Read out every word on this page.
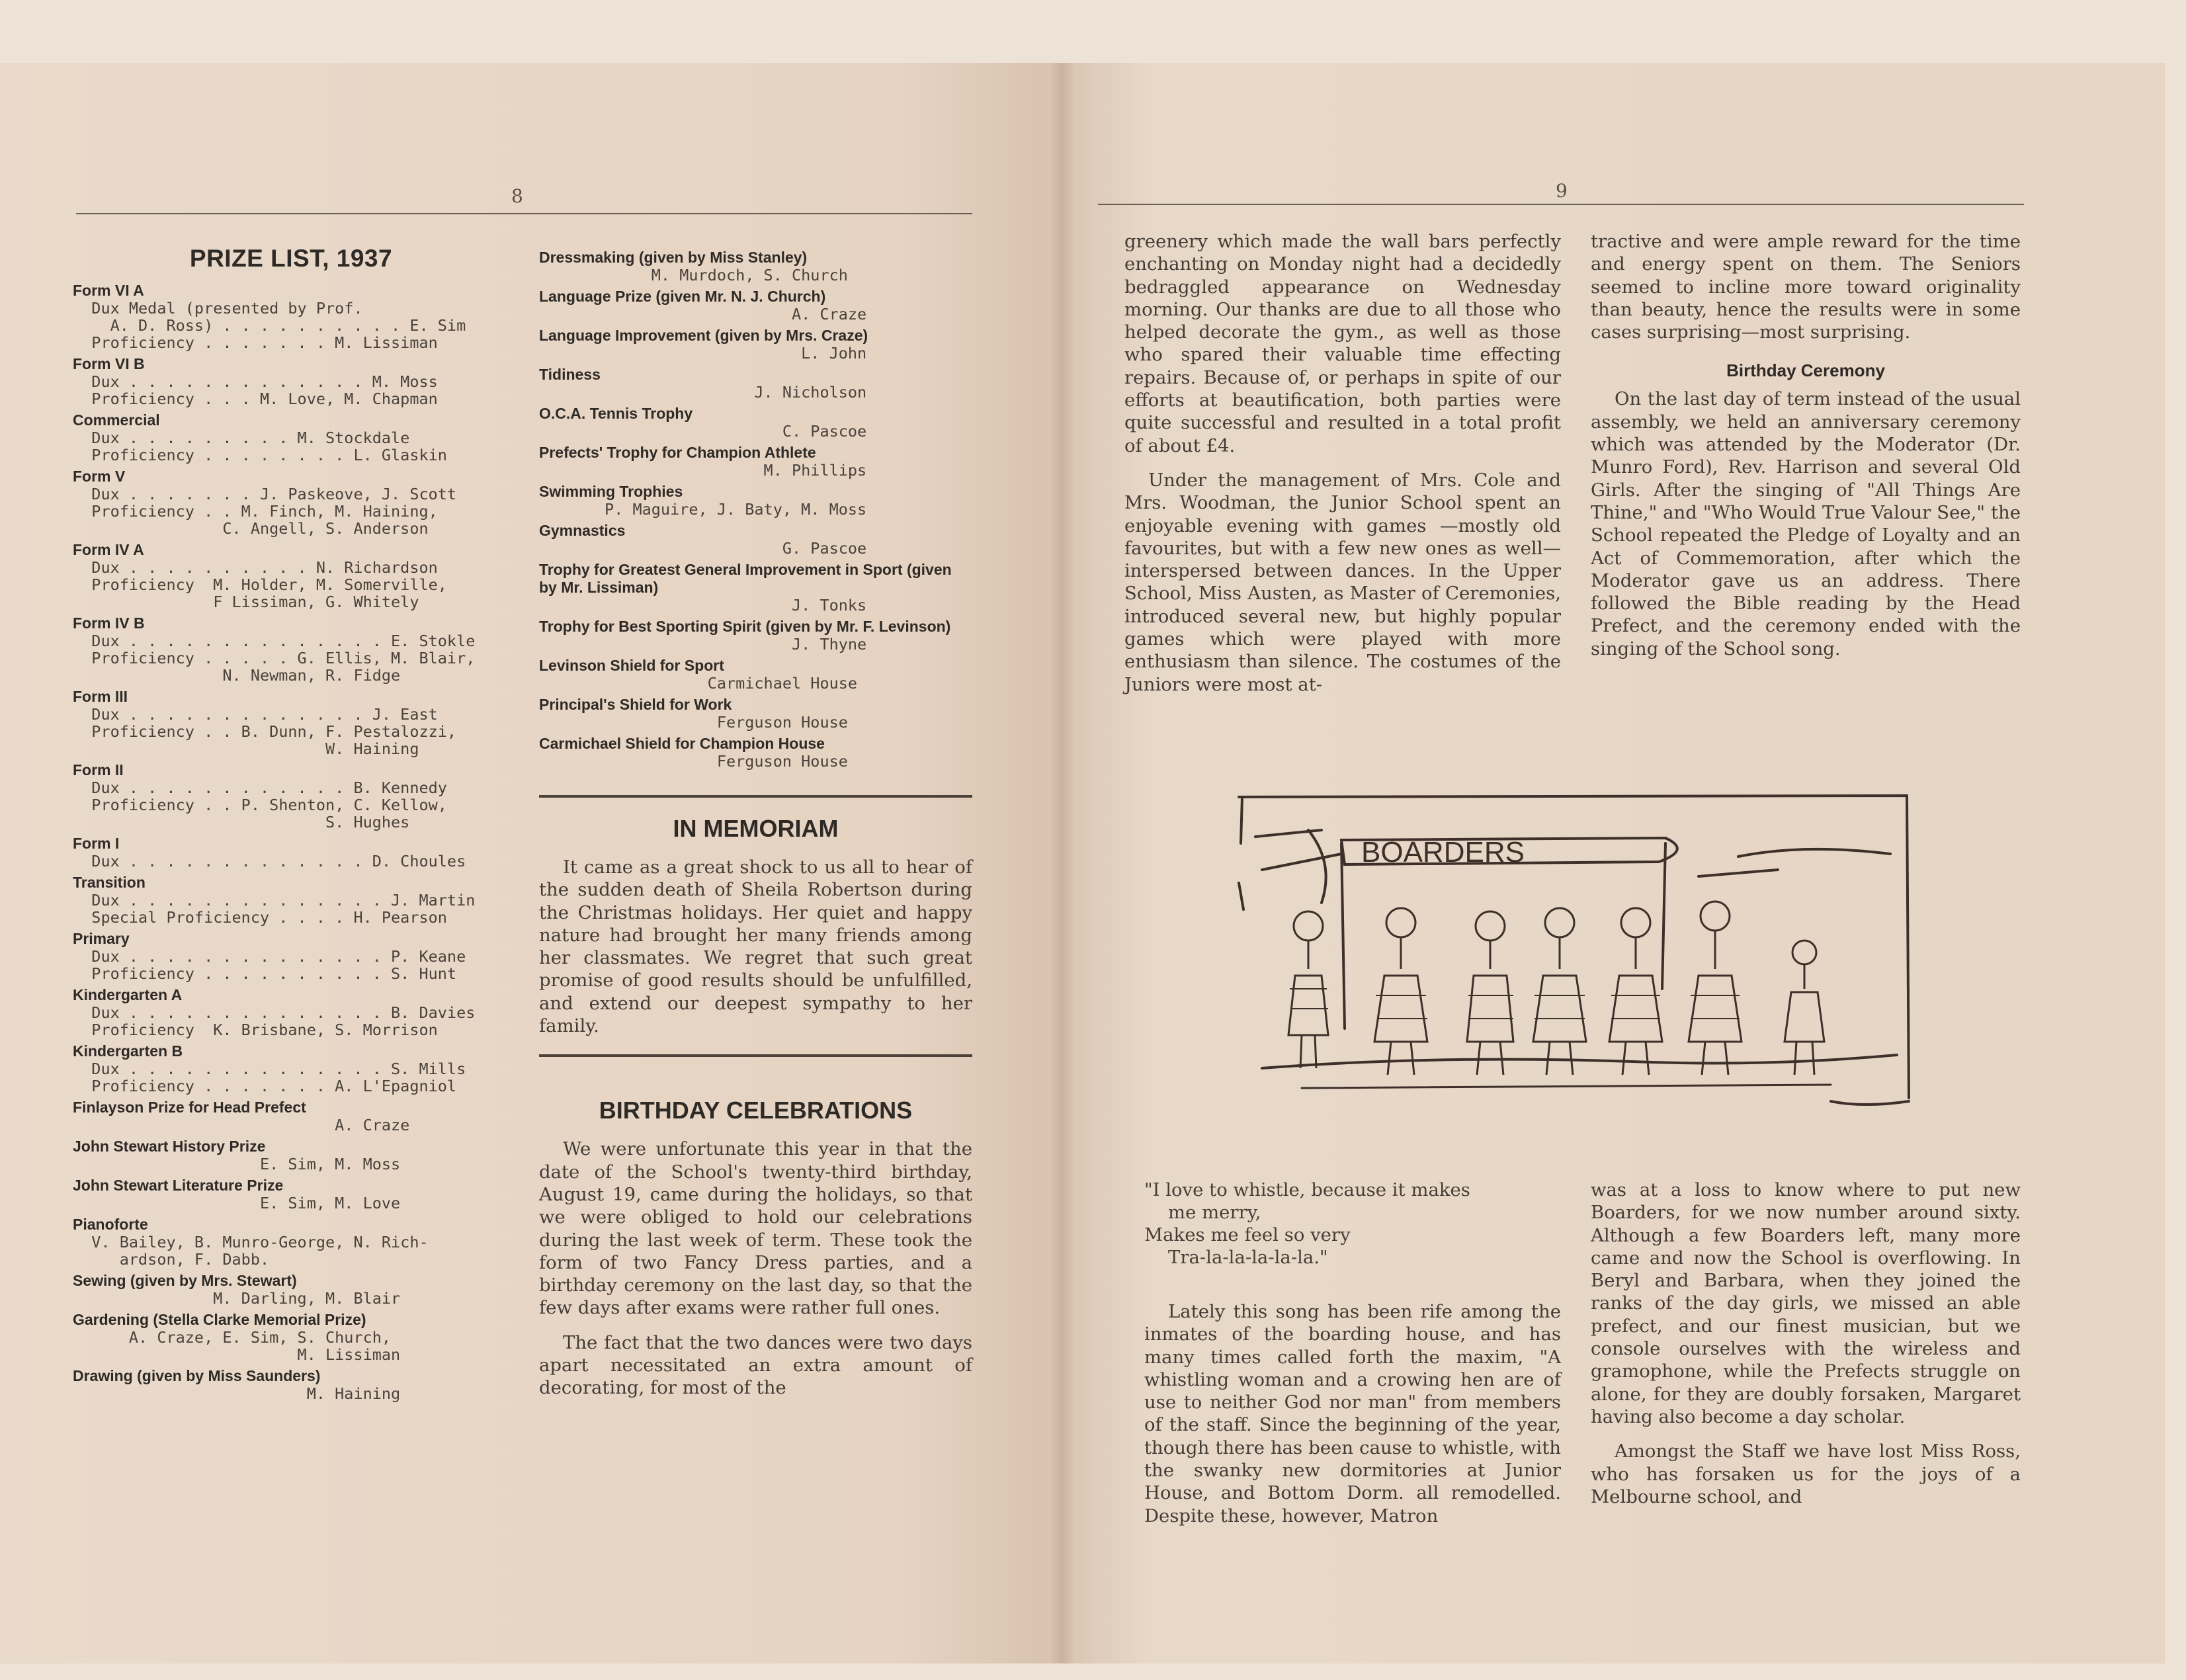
8
PRIZE LIST, 1937
Form VI A
Dux Medal (presented by Prof.
A. D. Ross) . . . . . . . . . . E. Sim
Proficiency . . . . . . . M. Lissiman
Form VI B
Dux . . . . . . . . . . . . . M. Moss
Proficiency . . . M. Love, M. Chapman
Commercial
Dux . . . . . . . . . M. Stockdale
Proficiency . . . . . . . . L. Glaskin
Form V
Dux . . . . . . . J. Paskeove, J. Scott
Proficiency . . M. Finch, M. Haining,
C. Angell, S. Anderson
Form IV A
Dux . . . . . . . . . . N. Richardson
Proficiency  M. Holder, M. Somerville,
F Lissiman, G. Whitely
Form IV B
Dux . . . . . . . . . . . . . . E. Stokle
Proficiency . . . . . G. Ellis, M. Blair,
N. Newman, R. Fidge
Form III
Dux . . . . . . . . . . . . . J. East
Proficiency . . B. Dunn, F. Pestalozzi,
W. Haining
Form II
Dux . . . . . . . . . . . . B. Kennedy
Proficiency . . P. Shenton, C. Kellow,
S. Hughes
Form I
Dux . . . . . . . . . . . . . D. Choules
Transition
Dux . . . . . . . . . . . . . . J. Martin
Special Proficiency . . . . H. Pearson
Primary
Dux . . . . . . . . . . . . . . P. Keane
Proficiency . . . . . . . . . . S. Hunt
Kindergarten A
Dux . . . . . . . . . . . . . . B. Davies
Proficiency  K. Brisbane, S. Morrison
Kindergarten B
Dux . . . . . . . . . . . . . . S. Mills
Proficiency . . . . . . . A. L'Epagniol
Finlayson Prize for Head Prefect
A. Craze
John Stewart History Prize
E. Sim, M. Moss
John Stewart Literature Prize
E. Sim, M. Love
Pianoforte
V. Bailey, B. Munro-George, N. Rich-
ardson, F. Dabb.
Sewing (given by Mrs. Stewart)
M. Darling, M. Blair
Gardening (Stella Clarke Memorial Prize)
A. Craze, E. Sim, S. Church,
M. Lissiman
Drawing (given by Miss Saunders)
M. Haining
Dressmaking (given by Miss Stanley)
M. Murdoch, S. Church
Language Prize (given Mr. N. J. Church)
A. Craze
Language Improvement (given by Mrs. Craze)
L. John
Tidiness
J. Nicholson
O.C.A. Tennis Trophy
C. Pascoe
Prefects' Trophy for Champion Athlete
M. Phillips
Swimming Trophies
P. Maguire, J. Baty, M. Moss
Gymnastics
G. Pascoe
Trophy for Greatest General Improvement in Sport (given by Mr. Lissiman)
J. Tonks
Trophy for Best Sporting Spirit (given by Mr. F. Levinson)
J. Thyne
Levinson Shield for Sport
Carmichael House
Principal's Shield for Work
Ferguson House
Carmichael Shield for Champion House
Ferguson House
IN MEMORIAM

It came as a great shock to us all to hear of the sudden death of Sheila Robertson during the Christmas holidays. Her quiet and happy nature had brought her many friends among her classmates. We regret that such great promise of good results should be unfulfilled, and extend our deepest sympathy to her family.

BIRTHDAY CELEBRATIONS

We were unfortunate this year in that the date of the School's twenty-third birthday, August 19, came during the holidays, so that we were obliged to hold our celebrations during the last week of term. These took the form of two Fancy Dress parties, and a birthday ceremony on the last day, so that the few days after exams were rather full ones.

The fact that the two dances were two days apart necessitated an extra amount of decorating, for most of the

9

greenery which made the wall bars perfectly enchanting on Monday night had a decidedly bedraggled appearance on Wednesday morning. Our thanks are due to all those who helped decorate the gym., as well as those who spared their valuable time effecting repairs. Because of, or perhaps in spite of our efforts at beautification, both parties were quite successful and resulted in a total profit of about £4.

Under the management of Mrs. Cole and Mrs. Woodman, the Junior School spent an enjoyable evening with games —mostly old favourites, but with a few new ones as well—interspersed between dances. In the Upper School, Miss Austen, as Master of Ceremonies, introduced several new, but highly popular games which were played with more enthusiasm than silence. The costumes of the Juniors were most at-

tractive and were ample reward for the time and energy spent on them. The Seniors seemed to incline more toward originality than beauty, hence the results were in some cases surprising—most surprising.

Birthday Ceremony

On the last day of term instead of the usual assembly, we held an anniversary ceremony which was attended by the Moderator (Dr. Munro Ford), Rev. Harrison and several Old Girls. After the singing of "All Things Are Thine," and "Who Would True Valour See," the School repeated the Pledge of Loyalty and an Act of Commemoration, after which the Moderator gave us an address. There followed the Bible reading by the Head Prefect, and the ceremony ended with the singing of the School song.

BOARDERS
"I love to whistle, because it makes
me merry,
Makes me feel so very
Tra-la-la-la-la-la."

Lately this song has been rife among the inmates of the boarding house, and has many times called forth the maxim, "A whistling woman and a crowing hen are of use to neither God nor man" from members of the staff. Since the beginning of the year, though there has been cause to whistle, with the swanky new dormitories at Junior House, and Bottom Dorm. all remodelled. Despite these, however, Matron

was at a loss to know where to put new Boarders, for we now number around sixty. Although a few Boarders left, many more came and now the School is overflowing. In Beryl and Barbara, when they joined the ranks of the day girls, we missed an able prefect, and our finest musician, but we console ourselves with the wireless and gramophone, while the Prefects struggle on alone, for they are doubly forsaken, Margaret having also become a day scholar.

Amongst the Staff we have lost Miss Ross, who has forsaken us for the joys of a Melbourne school, and
